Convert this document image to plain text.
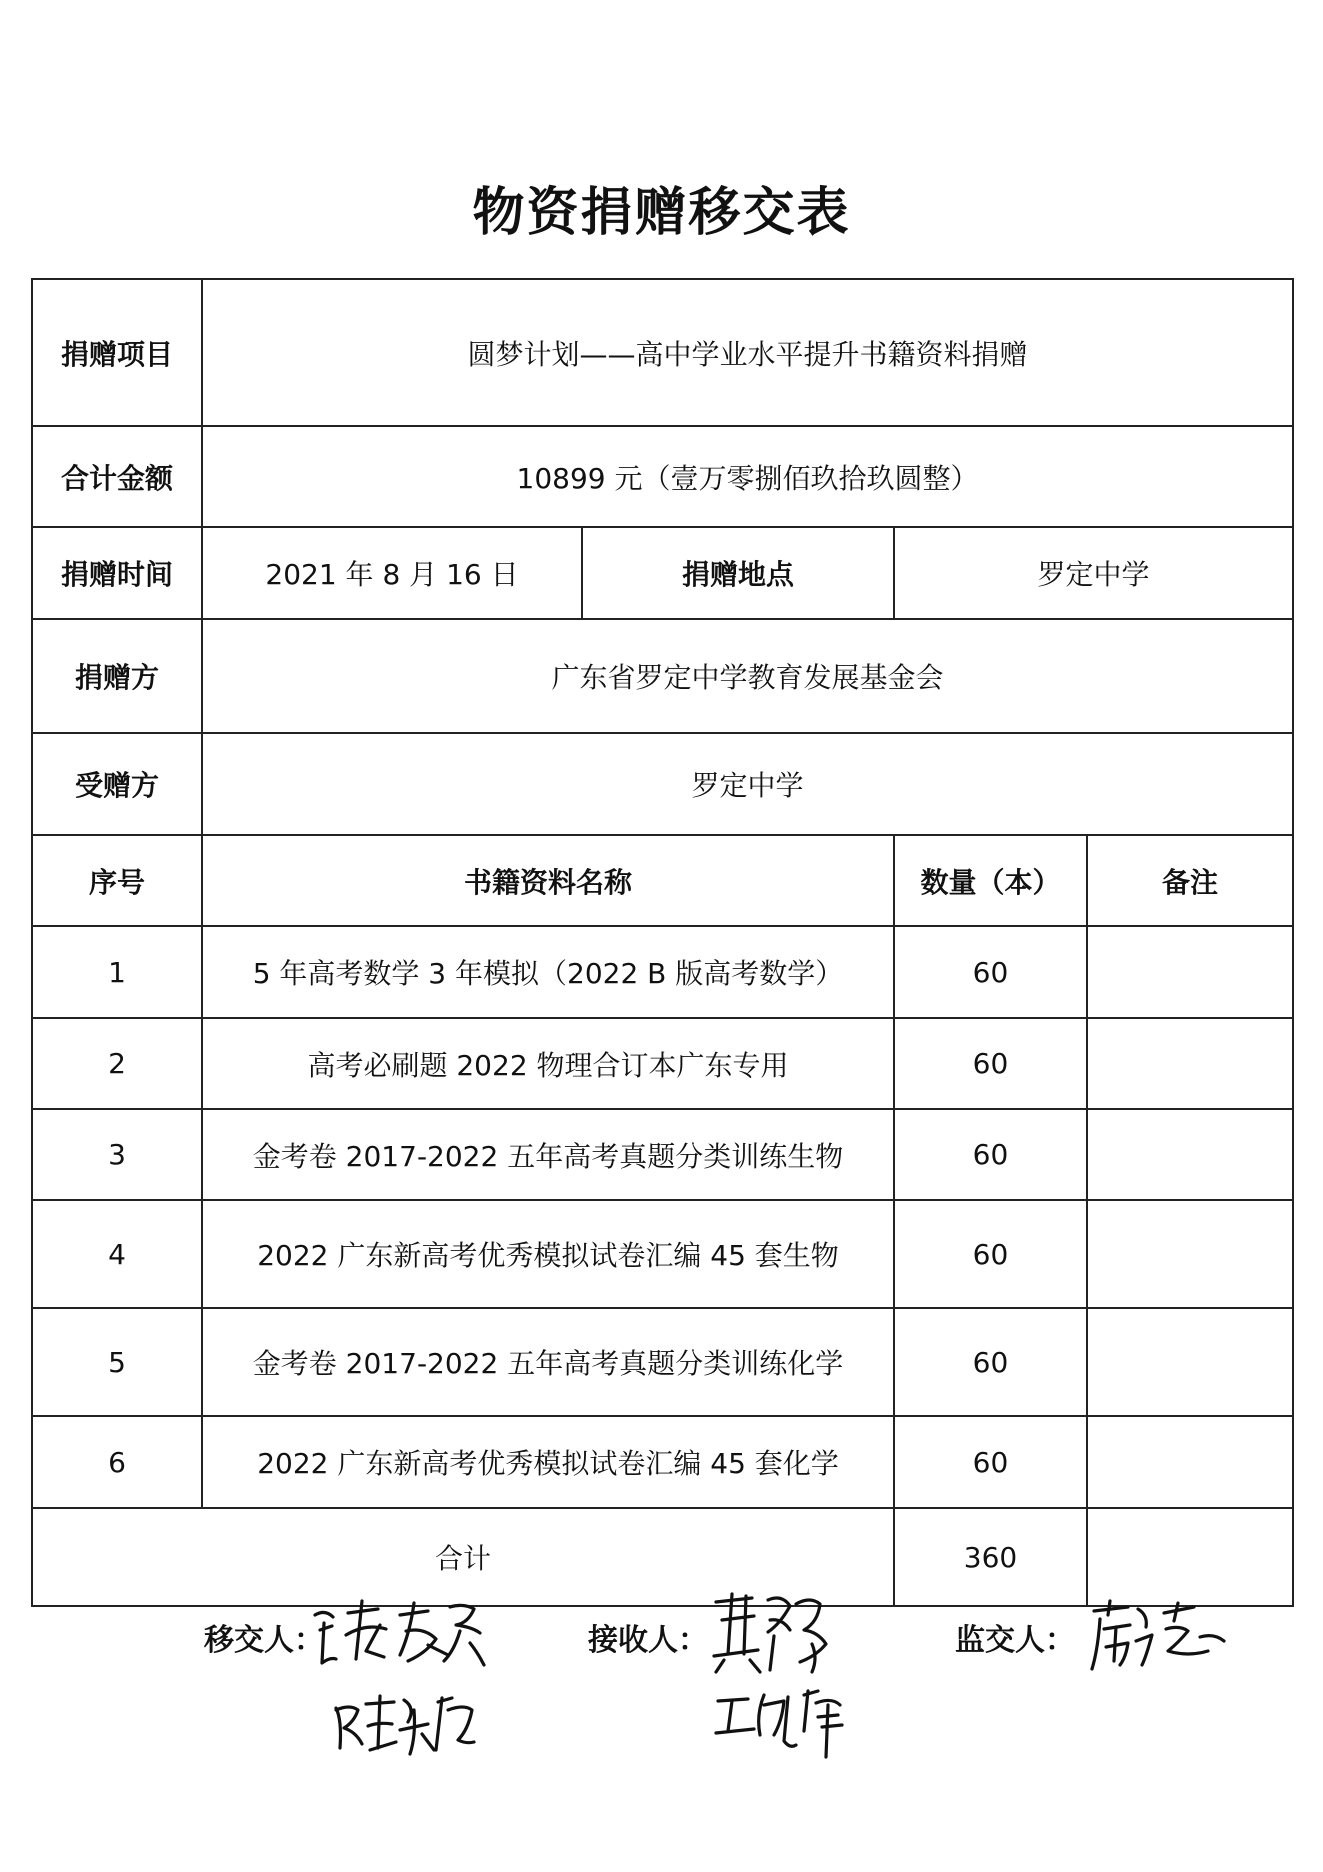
物资捐赠移交表
捐赠项目	圆梦计划——高中学业水平提升书籍资料捐赠			
合计金额	10899 元（壹万零捌佰玖拾玖圆整）			
捐赠时间	2021 年 8 月 16 日	捐赠地点	罗定中学	
捐赠方	广东省罗定中学教育发展基金会			
受赠方	罗定中学			
序号	书籍资料名称		数量（本）	备注
1	5 年高考数学 3 年模拟（2022 B 版高考数学）		60	
2	高考必刷题 2022 物理合订本广东专用		60	
3	金考卷 2017-2022 五年高考真题分类训练生物		60	
4	2022 广东新高考优秀模拟试卷汇编 45 套生物		60	
5	金考卷 2017-2022 五年高考真题分类训练化学		60	
6	2022 广东新高考优秀模拟试卷汇编 45 套化学		60	
合计			360	
移交人：	接收人：	监交人：
